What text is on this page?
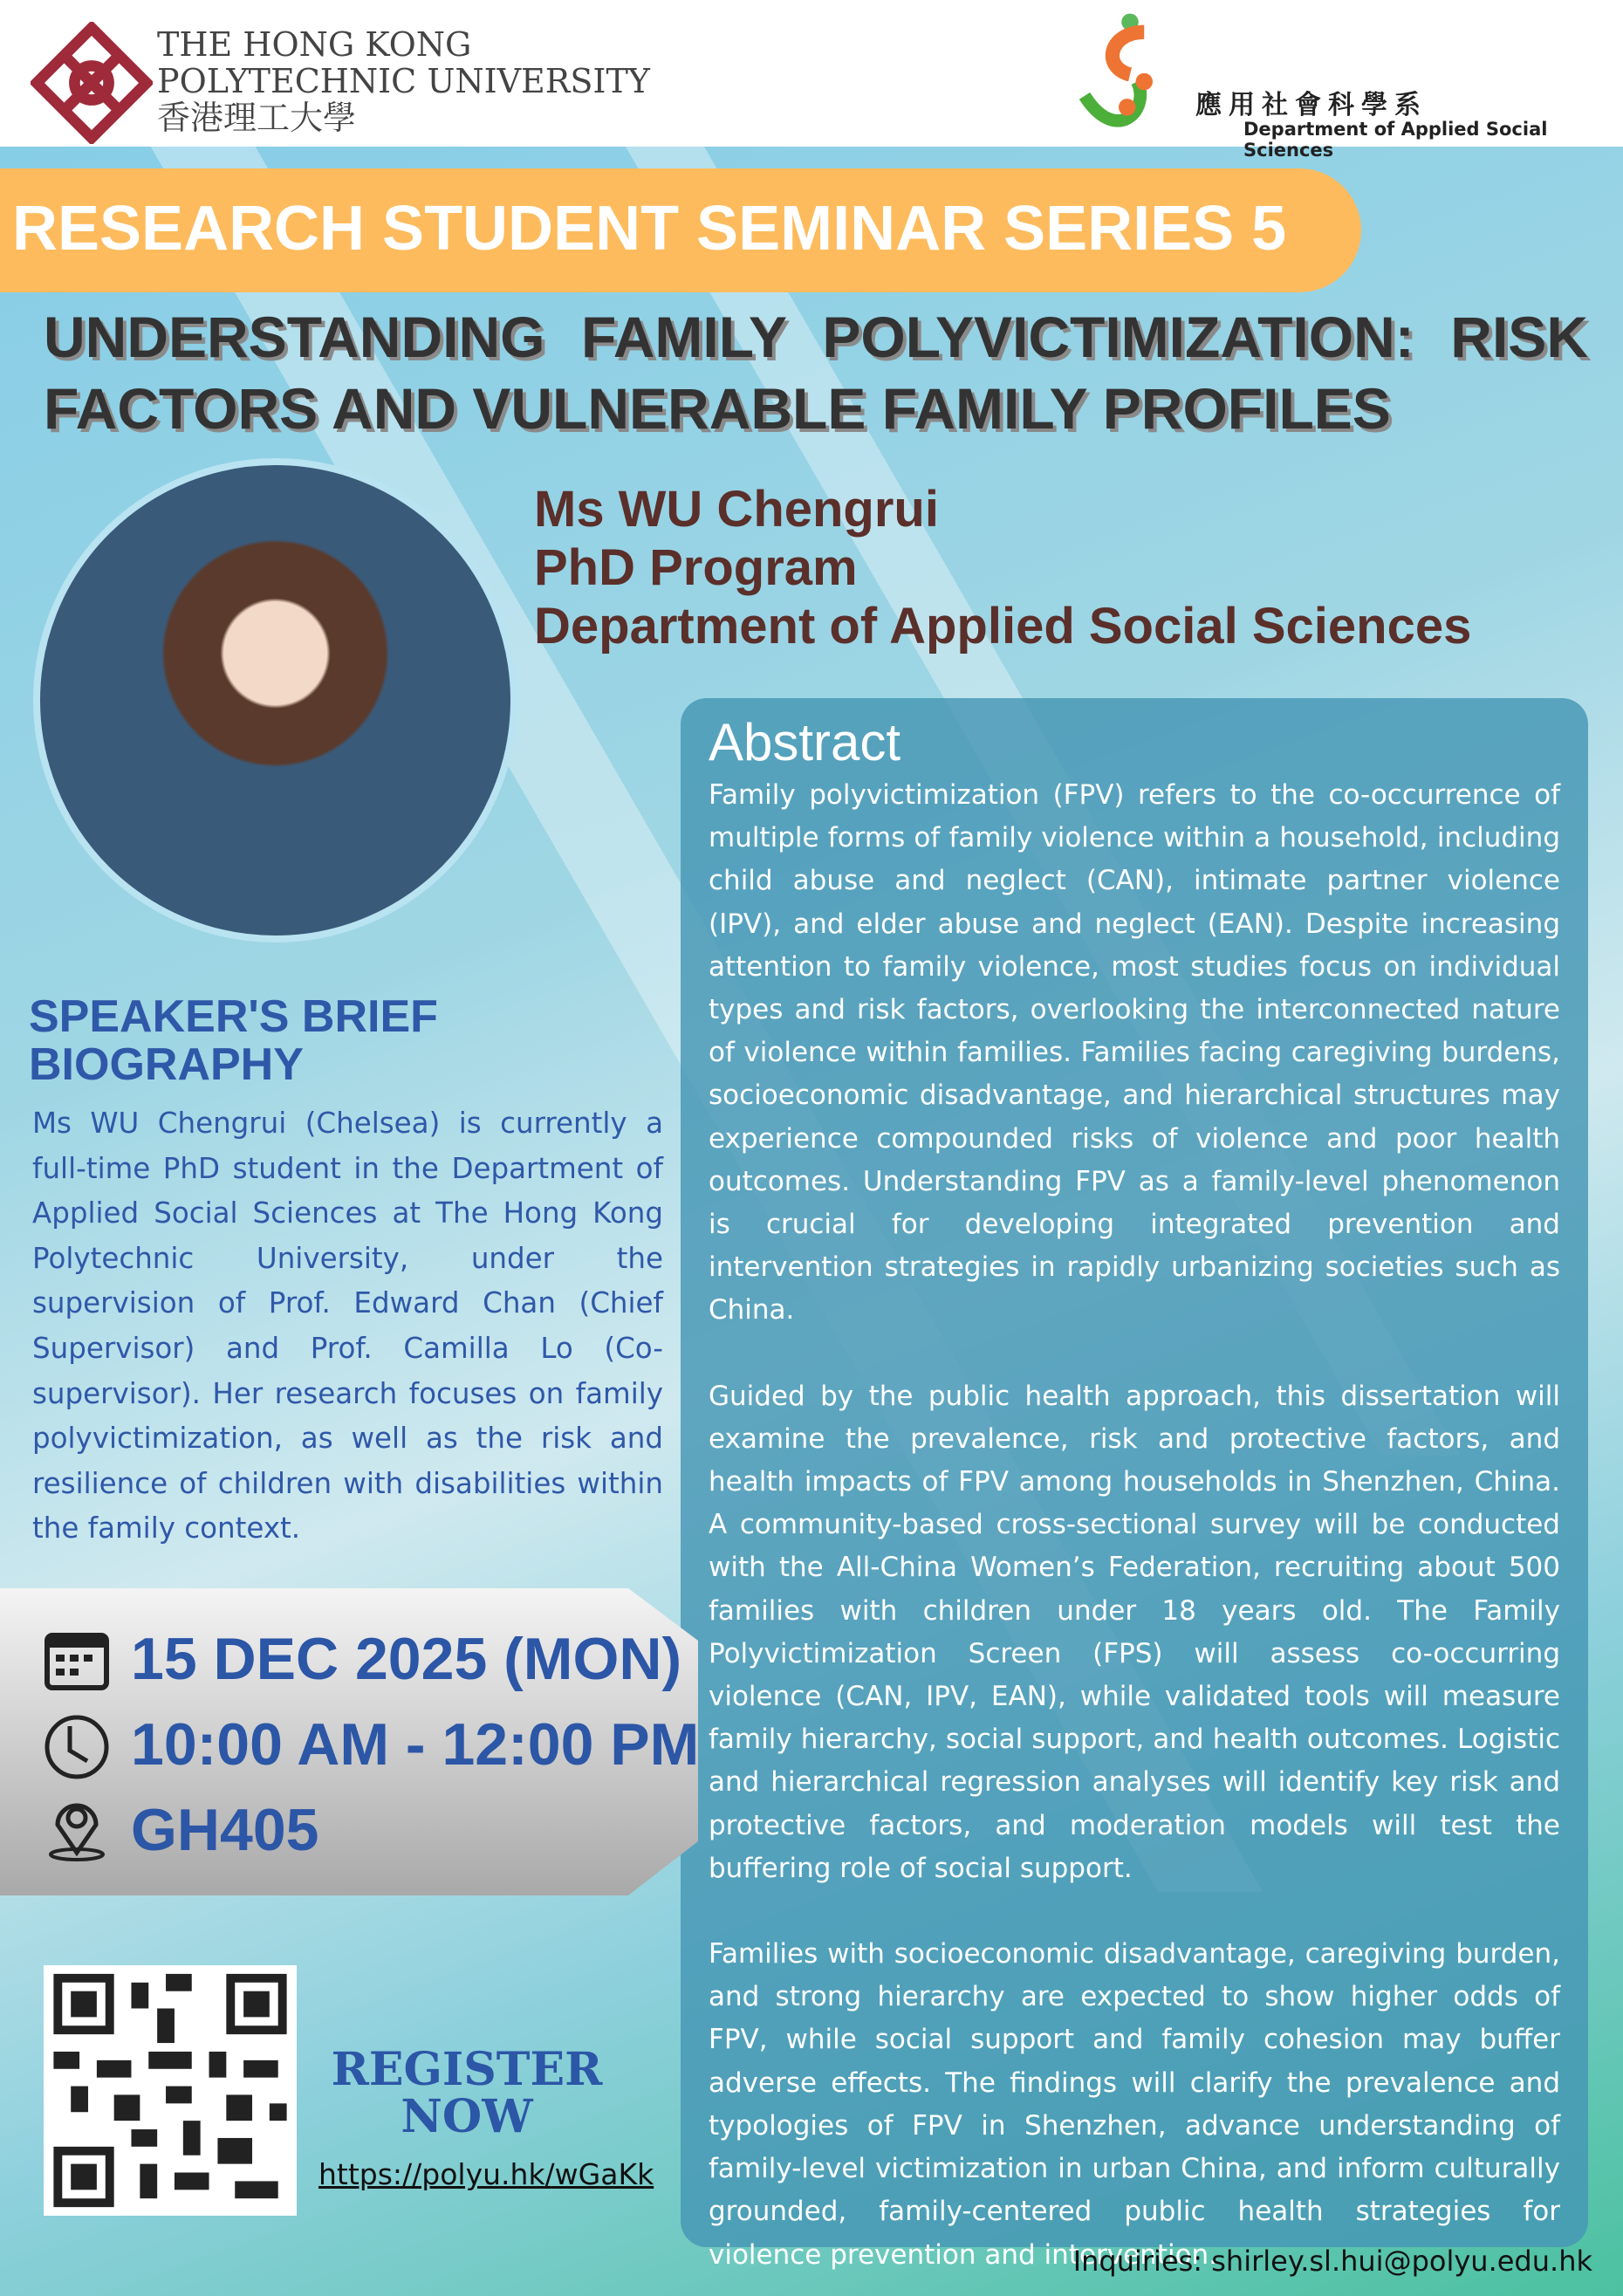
THE HONG KONG
POLYTECHNIC UNIVERSITY
香港理工大學	應用社會科學系
Department of Applied Social Sciences
RESEARCH STUDENT SEMINAR SERIES 5
UNDERSTANDING FAMILY POLYVICTIMIZATION: RISK FACTORS AND VULNERABLE FAMILY PROFILES
Ms WU Chengrui
PhD Program
Department of Applied Social Sciences
Abstract

Family polyvictimization (FPV) refers to the co-occurrence of multiple forms of family violence within a household, including child abuse and neglect (CAN), intimate partner violence (IPV), and elder abuse and neglect (EAN). Despite increasing attention to family violence, most studies focus on individual types and risk factors, overlooking the interconnected nature of violence within families. Families facing caregiving burdens, socioeconomic disadvantage, and hierarchical structures may experience compounded risks of violence and poor health outcomes. Understanding FPV as a family-level phenomenon is crucial for developing integrated prevention and intervention strategies in rapidly urbanizing societies such as China.

Guided by the public health approach, this dissertation will examine the prevalence, risk and protective factors, and health impacts of FPV among households in Shenzhen, China. A community-based cross-sectional survey will be conducted with the All-China Women’s Federation, recruiting about 500 families with children under 18 years old. The Family Polyvictimization Screen (FPS) will assess co-occurring violence (CAN, IPV, EAN), while validated tools will measure family hierarchy, social support, and health outcomes. Logistic and hierarchical regression analyses will identify key risk and protective factors, and moderation models will test the buffering role of social support.

Families with socioeconomic disadvantage, caregiving burden, and strong hierarchy are expected to show higher odds of FPV, while social support and family cohesion may buffer adverse effects. The findings will clarify the prevalence and typologies of FPV in Shenzhen, advance understanding of family-level victimization in urban China, and inform culturally grounded, family-centered public health strategies for violence prevention and intervention.

SPEAKER'S BRIEF BIOGRAPHY
Ms WU Chengrui (Chelsea) is currently a full-time PhD student in the Department of Applied Social Sciences at The Hong Kong Polytechnic University, under the supervision of Prof. Edward Chan (Chief Supervisor) and Prof. Camilla Lo (Co-supervisor). Her research focuses on family polyvictimization, as well as the risk and resilience of children with disabilities within the family context.
15 DEC 2025 (MON)
10:00 AM - 12:00 PM
GH405
REGISTER
NOW
https://polyu.hk/wGaKk
Inquiries: shirley.sl.hui@polyu.edu.hk
